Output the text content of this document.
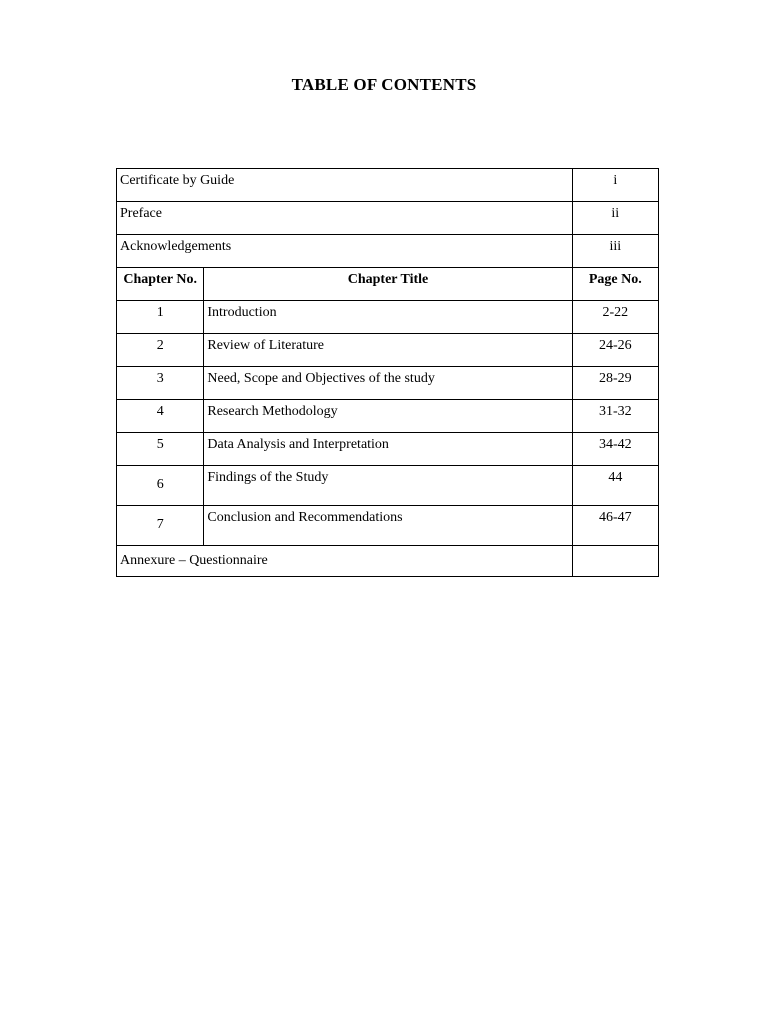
TABLE OF CONTENTS
Certificate by Guide		i
Preface		ii
Acknowledgements		iii
Chapter No.	Chapter Title	Page No.
1	Introduction	2-22
2	Review of Literature	24-26
3	Need, Scope and Objectives of the study	28-29
4	Research Methodology	31-32
5	Data Analysis and Interpretation	34-42
6	Findings of the Study	44
7	Conclusion and Recommendations	46-47
Annexure – Questionnaire		
